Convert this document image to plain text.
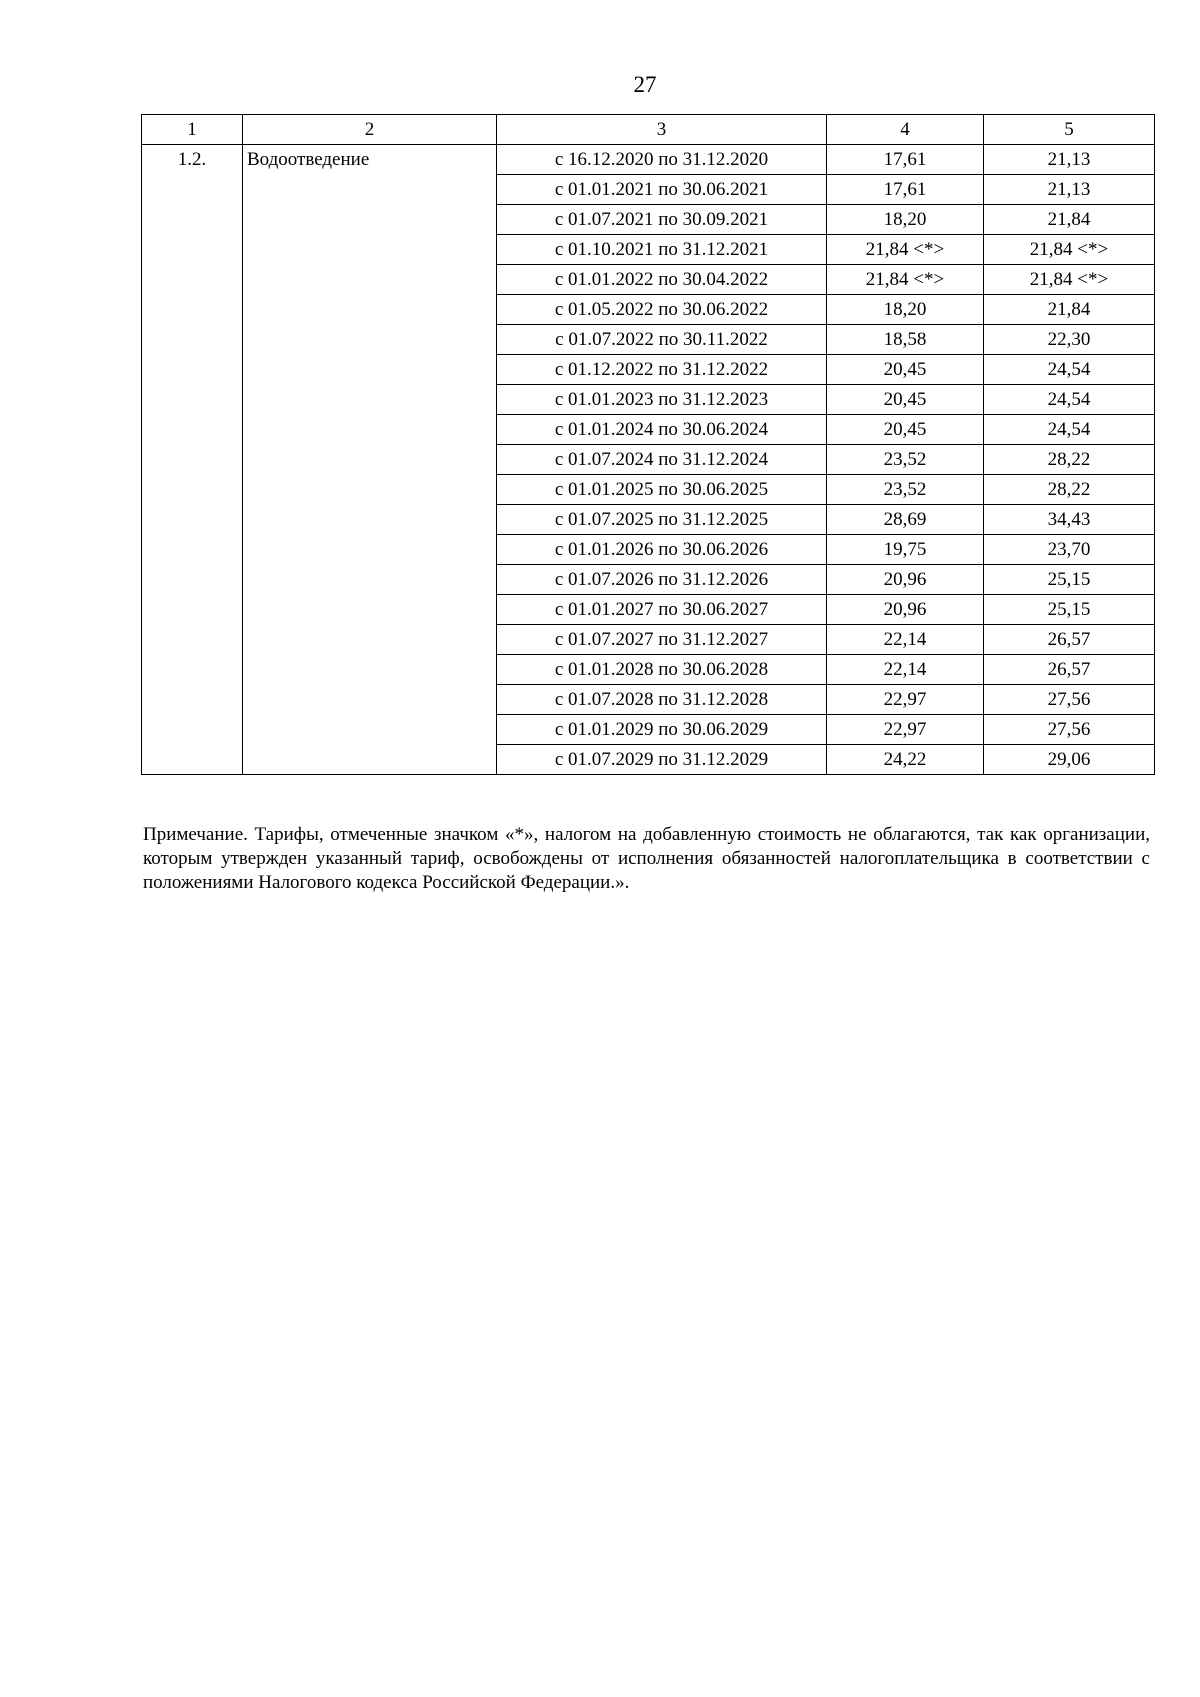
27
1	2	3	4	5
1.2.	Водоотведение	с 16.12.2020 по 31.12.2020	17,61	21,13
		с 01.01.2021 по 30.06.2021	17,61	21,13
		с 01.07.2021 по 30.09.2021	18,20	21,84
		с 01.10.2021 по 31.12.2021	21,84 <*>	21,84 <*>
		с 01.01.2022 по 30.04.2022	21,84 <*>	21,84 <*>
		с 01.05.2022 по 30.06.2022	18,20	21,84
		с 01.07.2022 по 30.11.2022	18,58	22,30
		с 01.12.2022 по 31.12.2022	20,45	24,54
		с 01.01.2023 по 31.12.2023	20,45	24,54
		с 01.01.2024 по 30.06.2024	20,45	24,54
		с 01.07.2024 по 31.12.2024	23,52	28,22
		с 01.01.2025 по 30.06.2025	23,52	28,22
		с 01.07.2025 по 31.12.2025	28,69	34,43
		с 01.01.2026 по 30.06.2026	19,75	23,70
		с 01.07.2026 по 31.12.2026	20,96	25,15
		с 01.01.2027 по 30.06.2027	20,96	25,15
		с 01.07.2027 по 31.12.2027	22,14	26,57
		с 01.01.2028 по 30.06.2028	22,14	26,57
		с 01.07.2028 по 31.12.2028	22,97	27,56
		с 01.01.2029 по 30.06.2029	22,97	27,56
		с 01.07.2029 по 31.12.2029	24,22	29,06
Примечание. Тарифы, отмеченные значком «*», налогом на добавленную стоимость не облагаются, так как организации, которым утвержден указанный тариф, освобождены от исполнения обязанностей налогоплательщика в соответствии с положениями Налогового кодекса Российской Федерации.».
